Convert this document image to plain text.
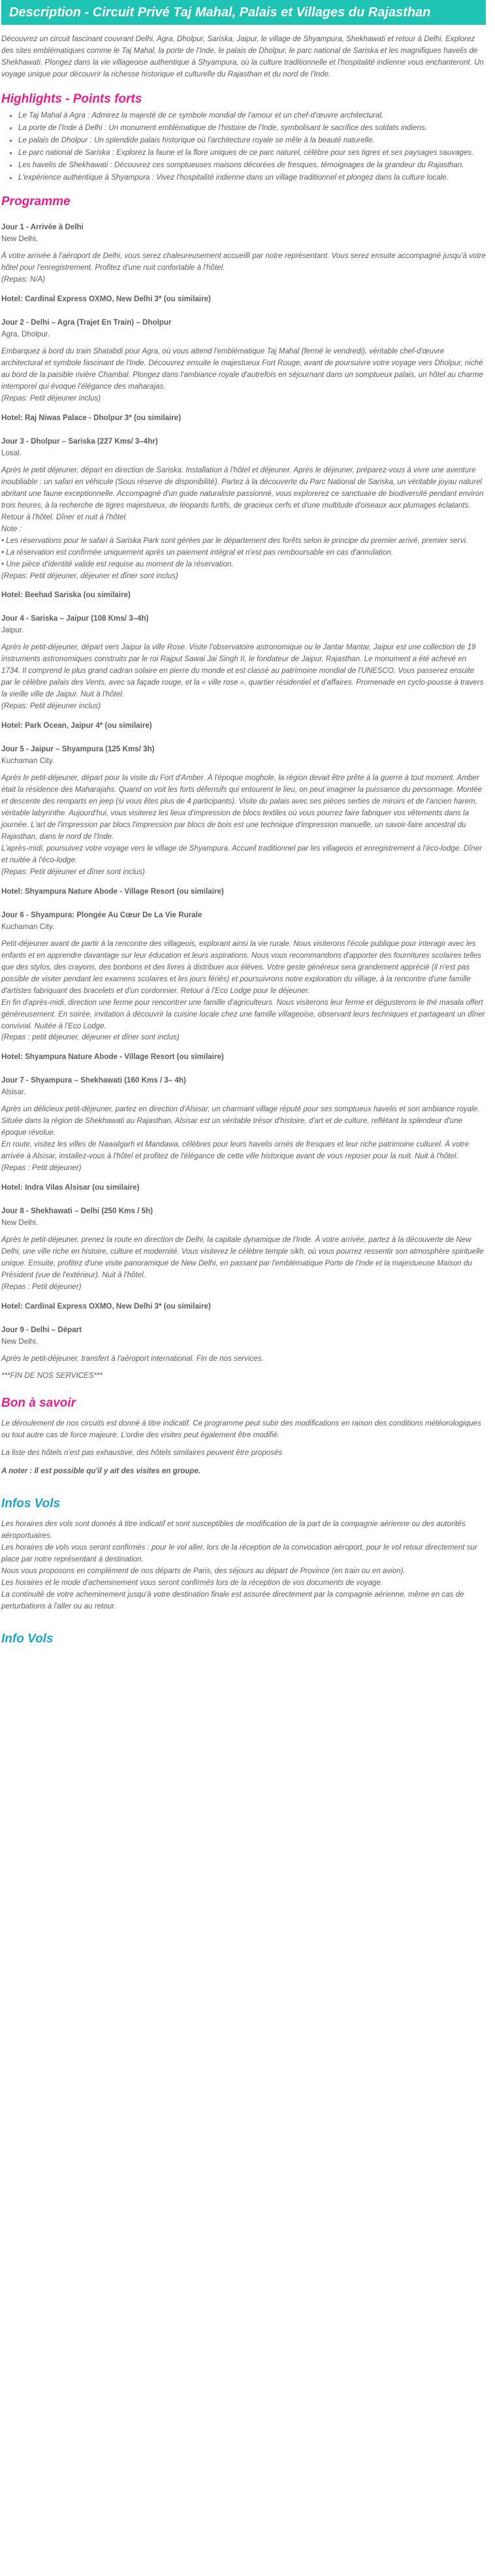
Description - Circuit Privé Taj Mahal, Palais et Villages du Rajasthan

Découvrez un circuit fascinant couvrant Delhi, Agra, Dholpur, Sariska, Jaipur, le village de Shyampura, Shekhawati et retour à Delhi. Explorez des sites emblématiques comme le Taj Mahal, la porte de l'Inde, le palais de Dholpur, le parc national de Sariska et les magnifiques havelis de Shekhawati. Plongez dans la vie villageoise authentique à Shyampura, où la culture traditionnelle et l'hospitalité indienne vous enchanteront. Un voyage unique pour découvrir la richesse historique et culturelle du Rajasthan et du nord de l'Inde.

Highlights - Points forts
• Le Taj Mahal à Agra : Admirez la majesté de ce symbole mondial de l'amour et un chef-d'œuvre architectural.
• La porte de l'Inde à Delhi : Un monument emblématique de l'histoire de l'Inde, symbolisant le sacrifice des soldats indiens.
• Le palais de Dholpur : Un splendide palais historique où l'architecture royale se mêle à la beauté naturelle.
• Le parc national de Sariska : Explorez la faune et la flore uniques de ce parc naturel, célèbre pour ses tigres et ses paysages sauvages.
• Les havelis de Shekhawati : Découvrez ces somptueuses maisons décorées de fresques, témoignages de la grandeur du Rajasthan.
• L'expérience authentique à Shyampura : Vivez l'hospitalité indienne dans un village traditionnel et plongez dans la culture locale.
Programme

Jour 1 - Arrivée à Delhi

New Delhi.

À votre arrivée à l'aéroport de Delhi, vous serez chaleureusement accueilli par notre représentant. Vous serez ensuite accompagné jusqu'à votre hôtel pour l'enregistrement. Profitez d'une nuit confortable à l'hôtel.

(Repas: N/A)

Hotel: Cardinal Express OXMO, New Delhi 3* (ou similaire)

Jour 2 - Delhi – Agra (Trajet En Train) – Dholpur

Agra, Dholpur.

Embarquez à bord du train Shatabdi pour Agra, où vous attend l'emblématique Taj Mahal (fermé le vendredi), véritable chef-d'œuvre architectural et symbole fascinant de l'Inde. Découvrez ensuite le majestueux Fort Rouge, avant de poursuivre votre voyage vers Dholpur, niché au bord de la paisible rivière Chambal. Plongez dans l'ambiance royale d'autrefois en séjournant dans un somptueux palais, un hôtel au charme intemporel qui évoque l'élégance des maharajas.

(Repas: Petit déjeuner inclus)

Hotel: Raj Niwas Palace - Dholpur 3* (ou similaire)

Jour 3 - Dholpur – Sariska (227 Kms/ 3–4hr)

Losal.

Après le petit déjeuner, départ en direction de Sariska. Installation à l'hôtel et déjeuner. Après le déjeuner, préparez-vous à vivre une aventure inoubliable : un safari en véhicule (Sous réserve de disponibilité). Partez à la découverte du Parc National de Sariska, un véritable joyau naturel abritant une faune exceptionnelle. Accompagné d'un guide naturaliste passionné, vous explorerez ce sanctuaire de biodiversité pendant environ trois heures, à la recherche de tigres majestueux, de léopards furtifs, de gracieux cerfs et d'une multitude d'oiseaux aux plumages éclatants. Retour à l'hôtel. Dîner et nuit à l'hôtel.

Note :

• Les réservations pour le safari à Sariska Park sont gérées par le département des forêts selon le principe du premier arrivé, premier servi.

• La réservation est confirmée uniquement après un paiement intégral et n'est pas remboursable en cas d'annulation.

• Une pièce d'identité valide est requise au moment de la réservation.

(Repas: Petit déjeuner, déjeuner et dîner sont inclus)

Hotel: Beehad Sariska (ou similaire)

Jour 4 - Sariska – Jaipur (108 Kms/ 3–4h)

Jaipur.

Après le petit-déjeuner, départ vers Jaipur la ville Rose. Visite l'observatoire astronomique ou le Jantar Mantar, Jaipur est une collection de 19 instruments astronomiques construits par le roi Rajput Sawai Jai Singh II, le fondateur de Jaipur, Rajasthan. Le monument a été achevé en 1734. Il comprend le plus grand cadran solaire en pierre du monde et est classé au patrimoine mondial de l'UNESCO. Vous passerez ensuite par le célèbre palais des Vents, avec sa façade rouge, et la « ville rose », quartier résidentiel et d'affaires. Promenade en cyclo-pousse à travers la vieille ville de Jaipur. Nuit à l'hôtel.

(Repas: Petit déjeuner inclus)

Hotel: Park Ocean, Jaipur 4* (ou similaire)

Jour 5 - Jaipur – Shyampura (125 Kms/ 3h)

Kuchaman City.

Après le petit-déjeuner, départ pour la visite du Fort d'Amber. À l'époque moghole, la région devait être prête à la guerre à tout moment. Amber était la résidence des Maharajahs. Quand on voit les forts défensifs qui entourent le lieu, on peut imaginer la puissance du personnage. Montée et descente des remparts en jeep (si vous êtes plus de 4 participants). Visite du palais avec ses pièces serties de miroirs et de l'ancien harem, véritable labyrinthe. Aujourd'hui, vous visiterez les lieux d'impression de blocs textiles où vous pourrez faire fabriquer vos vêtements dans la journée. L'art de l'impression par blocs l'impression par blocs de bois est une technique d'impression manuelle, un savoir-faire ancestral du Rajasthan, dans le nord de l'Inde.

L'après-midi, poursuivez votre voyage vers le village de Shyampura. Accueil traditionnel par les villageois et enregistrement à l'éco-lodge. Dîner et nuitée à l'éco-lodge.

(Repas: Petit déjeuner et dîner sont inclus)

Hotel: Shyampura Nature Abode - Village Resort (ou similaire)

Jour 6 - Shyampura: Plongée Au Cœur De La Vie Rurale

Kuchaman City.

Petit-déjeuner avant de partir à la rencontre des villageois, explorant ainsi la vie rurale. Nous visiterons l'école publique pour interagir avec les enfants et en apprendre davantage sur leur éducation et leurs aspirations. Nous vous recommandons d'apporter des fournitures scolaires telles que des stylos, des crayons, des bonbons et des livres à distribuer aux élèves. Votre geste généreux sera grandement apprécié (il n'est pas possible de visiter pendant les examens scolaires et les jours fériés) et poursuivrons notre exploration du village, à la rencontre d'une famille d'artistes fabriquant des bracelets et d'un cordonnier. Retour à l'Eco Lodge pour le déjeuner.

En fin d'après-midi, direction une ferme pour rencontrer une famille d'agriculteurs. Nous visiterons leur ferme et dégusterons le thé masala offert généreusement. En soirée, invitation à découvrir la cuisine locale chez une famille villageoise, observant leurs techniques et partageant un dîner convivial. Nuitée à l'Eco Lodge.

(Repas : petit déjeuner, déjeuner et dîner sont inclus)

Hotel: Shyampura Nature Abode - Village Resort (ou similaire)

Jour 7 - Shyampura – Shekhawati (160 Kms / 3– 4h)

Alsisar.

Après un délicieux petit-déjeuner, partez en direction d'Alsisar, un charmant village réputé pour ses somptueux havelis et son ambiance royale. Située dans la région de Shekhawati au Rajasthan, Alsisar est un véritable trésor d'histoire, d'art et de culture, reflétant la splendeur d'une époque révolue.

En route, visitez les villes de Nawalgarh et Mandawa, célèbres pour leurs havelis ornés de fresques et leur riche patrimoine culturel. À votre arrivée à Alsisar, installez-vous à l'hôtel et profitez de l'élégance de cette ville historique avant de vous reposer pour la nuit. Nuit à l'hôtel.

(Repas : Petit déjeuner)

Hotel: Indra Vilas Alsisar (ou similaire)

Jour 8 - Shekhawati – Delhi (250 Kms / 5h)

New Delhi.

Après le petit-déjeuner, prenez la route en direction de Delhi, la capitale dynamique de l'Inde. À votre arrivée, partez à la découverte de New Delhi, une ville riche en histoire, culture et modernité. Vous visiterez le célèbre temple sikh, où vous pourrez ressentir son atmosphère spirituelle unique. Ensuite, profitez d'une visite panoramique de New Delhi, en passant par l'emblématique Porte de l'Inde et la majestueuse Maison du Président (vue de l'extérieur). Nuit à l'hôtel.

(Repas : Petit déjeuner)

Hotel: Cardinal Express OXMO, New Delhi 3* (ou similaire)

Jour 9 - Delhi – Départ

New Delhi.

Après le petit-déjeuner, transfert à l'aéroport international. Fin de nos services.

***FIN DE NOS SERVICES***

Bon à savoir

Le déroulement de nos circuits est donné à titre indicatif. Ce programme peut subir des modifications en raison des conditions météorologiques ou tout autre cas de force majeure. L'ordre des visites peut également être modifié.

La liste des hôtels n'est pas exhaustive, des hôtels similaires peuvent être proposés

A noter : Il est possible qu'il y ait des visites en groupe.

Infos Vols

Les horaires des vols sont donnés à titre indicatif et sont susceptibles de modification de la part de la compagnie aérienne ou des autorités aéroportuaires.

Les horaires de vols vous seront confirmés : pour le vol aller, lors de la réception de la convocation aéroport, pour le vol retour directement sur place par notre représentant à destination.

Nous vous proposons en complément de nos départs de Paris, des séjours au départ de Province (en train ou en avion).

Les horaires et le mode d'acheminement vous seront confirmés lors de la réception de vos documents de voyage.

La continuité de votre acheminement jusqu'à votre destination finale est assurée directement par la compagnie aérienne, même en cas de perturbations à l'aller ou au retour.

Info Vols
